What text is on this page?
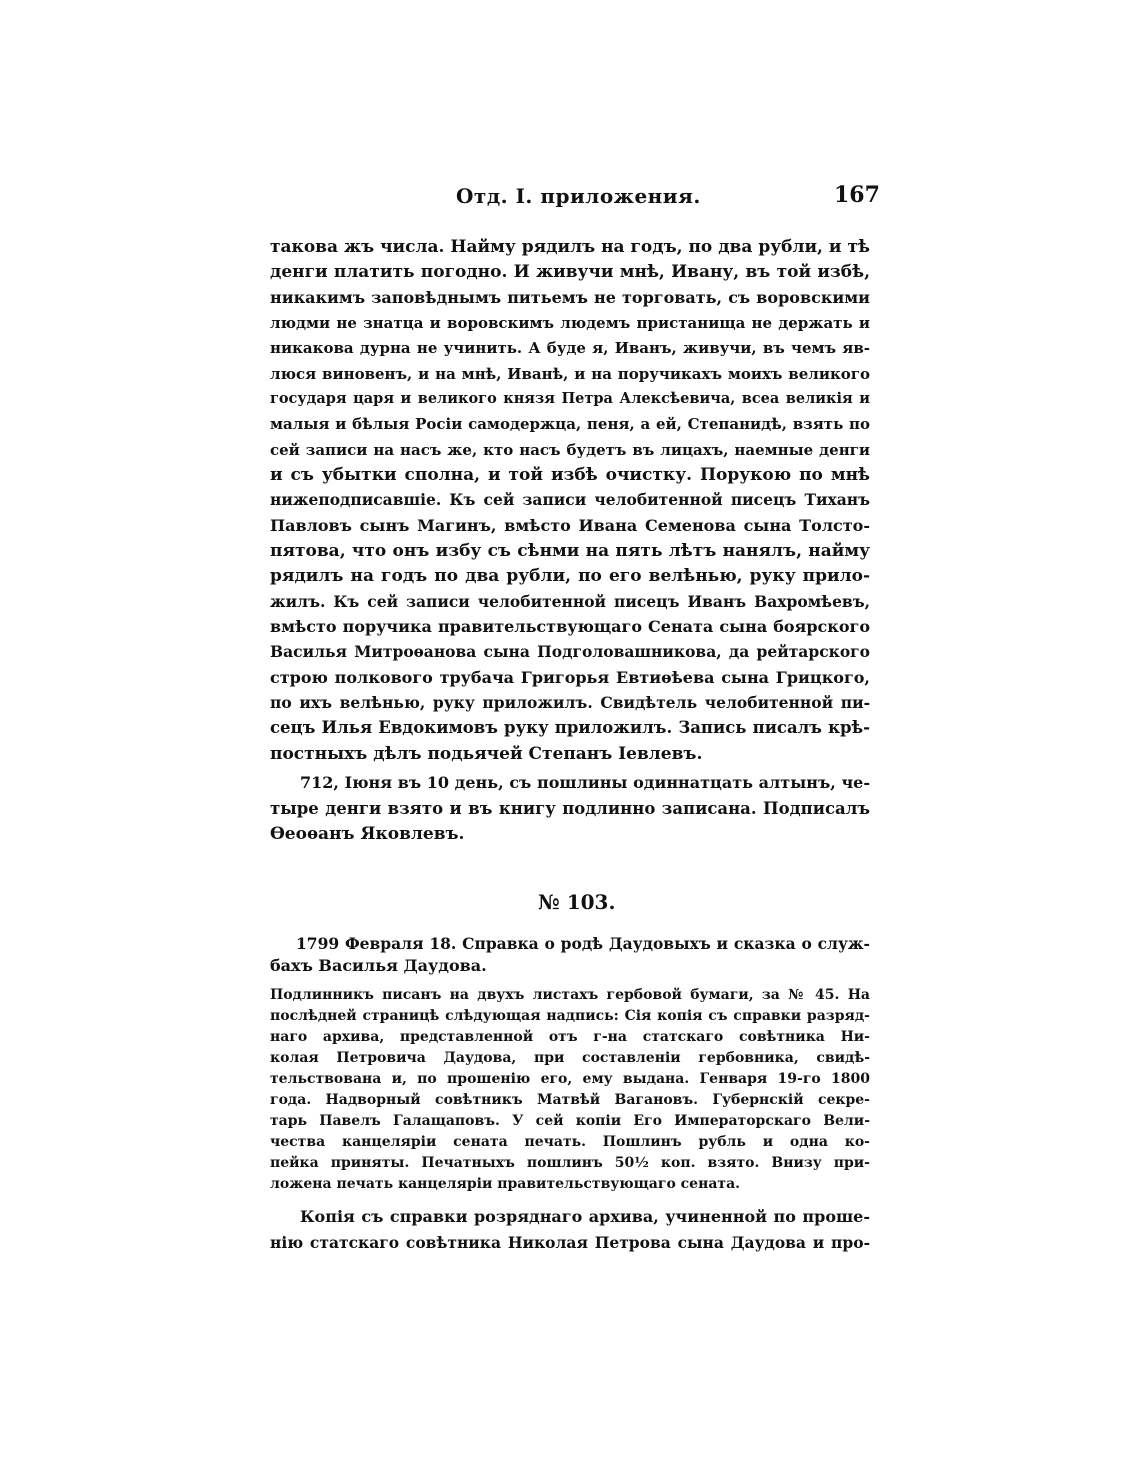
Отд. I. приложения.	167
такова жъ числа. Найму рядилъ на годъ, по два рубли, и тѣ
денги платить погодно. И живучи мнѣ, Ивану, въ той избѣ,
никакимъ заповѣднымъ питьемъ не торговать, съ воровскими
людми не знатца и воровскимъ людемъ пристанища не держать и
никакова дурна не учинить. А буде я, Иванъ, живучи, въ чемъ яв-
люся виновенъ, и на мнѣ, Иванѣ, и на поручикахъ моихъ великого
государя царя и великого князя Петра Алексѣевича, всеа великія и
малыя и бѣлыя Росіи самодержца, пеня, а ей, Степанидѣ, взять по
сей записи на насъ же, кто насъ будетъ въ лицахъ, наемные денги
и съ убытки сполна, и той избѣ очистку. Порукою по мнѣ
нижеподписавшіе. Къ сей записи челобитенной писецъ Тиханъ
Павловъ сынъ Магинъ, вмѣсто Ивана Семенова сына Толсто-
пятова, что онъ избу съ сѣнми на пять лѣтъ нанялъ, найму
рядилъ на годъ по два рубли, по его велѣнью, руку прило-
жилъ. Къ сей записи челобитенной писецъ Иванъ Вахромѣевъ,
вмѣсто поручика правительствующаго Сената сына боярского
Василья Митроѳанова сына Подголовашникова, да рейтарского
строю полкового трубача Григорья Евтиѳѣева сына Грицкого,
по ихъ велѣнью, руку приложилъ. Свидѣтель челобитенной пи-
сецъ Илья Евдокимовъ руку приложилъ. Запись писалъ крѣ-
постныхъ дѣлъ подьячей Степанъ Іевлевъ.
712, Іюня въ 10 день, съ пошлины одиннатцать алтынъ, че-
тыре денги взято и въ книгу подлинно записана. Подписалъ
Ѳеоѳанъ Яковлевъ.
№ 103.
1799 Февраля 18. Справка о родѣ Даудовыхъ и сказка о служ-
бахъ Василья Даудова.
Подлинникъ писанъ на двухъ листахъ гербовой бумаги, за № 45. На
послѣдней страницѣ слѣдующая надпись: Сія копія съ справки разряд-
наго архива, представленной отъ г-на статскаго совѣтника Ни-
колая Петровича Даудова, при составленіи гербовника, свидѣ-
тельствована и, по прошенію его, ему выдана. Генваря 19-го 1800
года. Надворный совѣтникъ Матвѣй Вагановъ. Губернскій секре-
тарь Павелъ Галащаповъ. У сей копіи Его Императорскаго Вели-
чества канцеляріи сената печать. Пошлинъ рубль и одна ко-
пейка приняты. Печатныхъ пошлинъ 50½ коп. взято. Внизу при-
ложена печать канцеляріи правительствующаго сената.
Копія съ справки розряднаго архива, учиненной по проше-
нію статскаго совѣтника Николая Петрова сына Даудова и про-
